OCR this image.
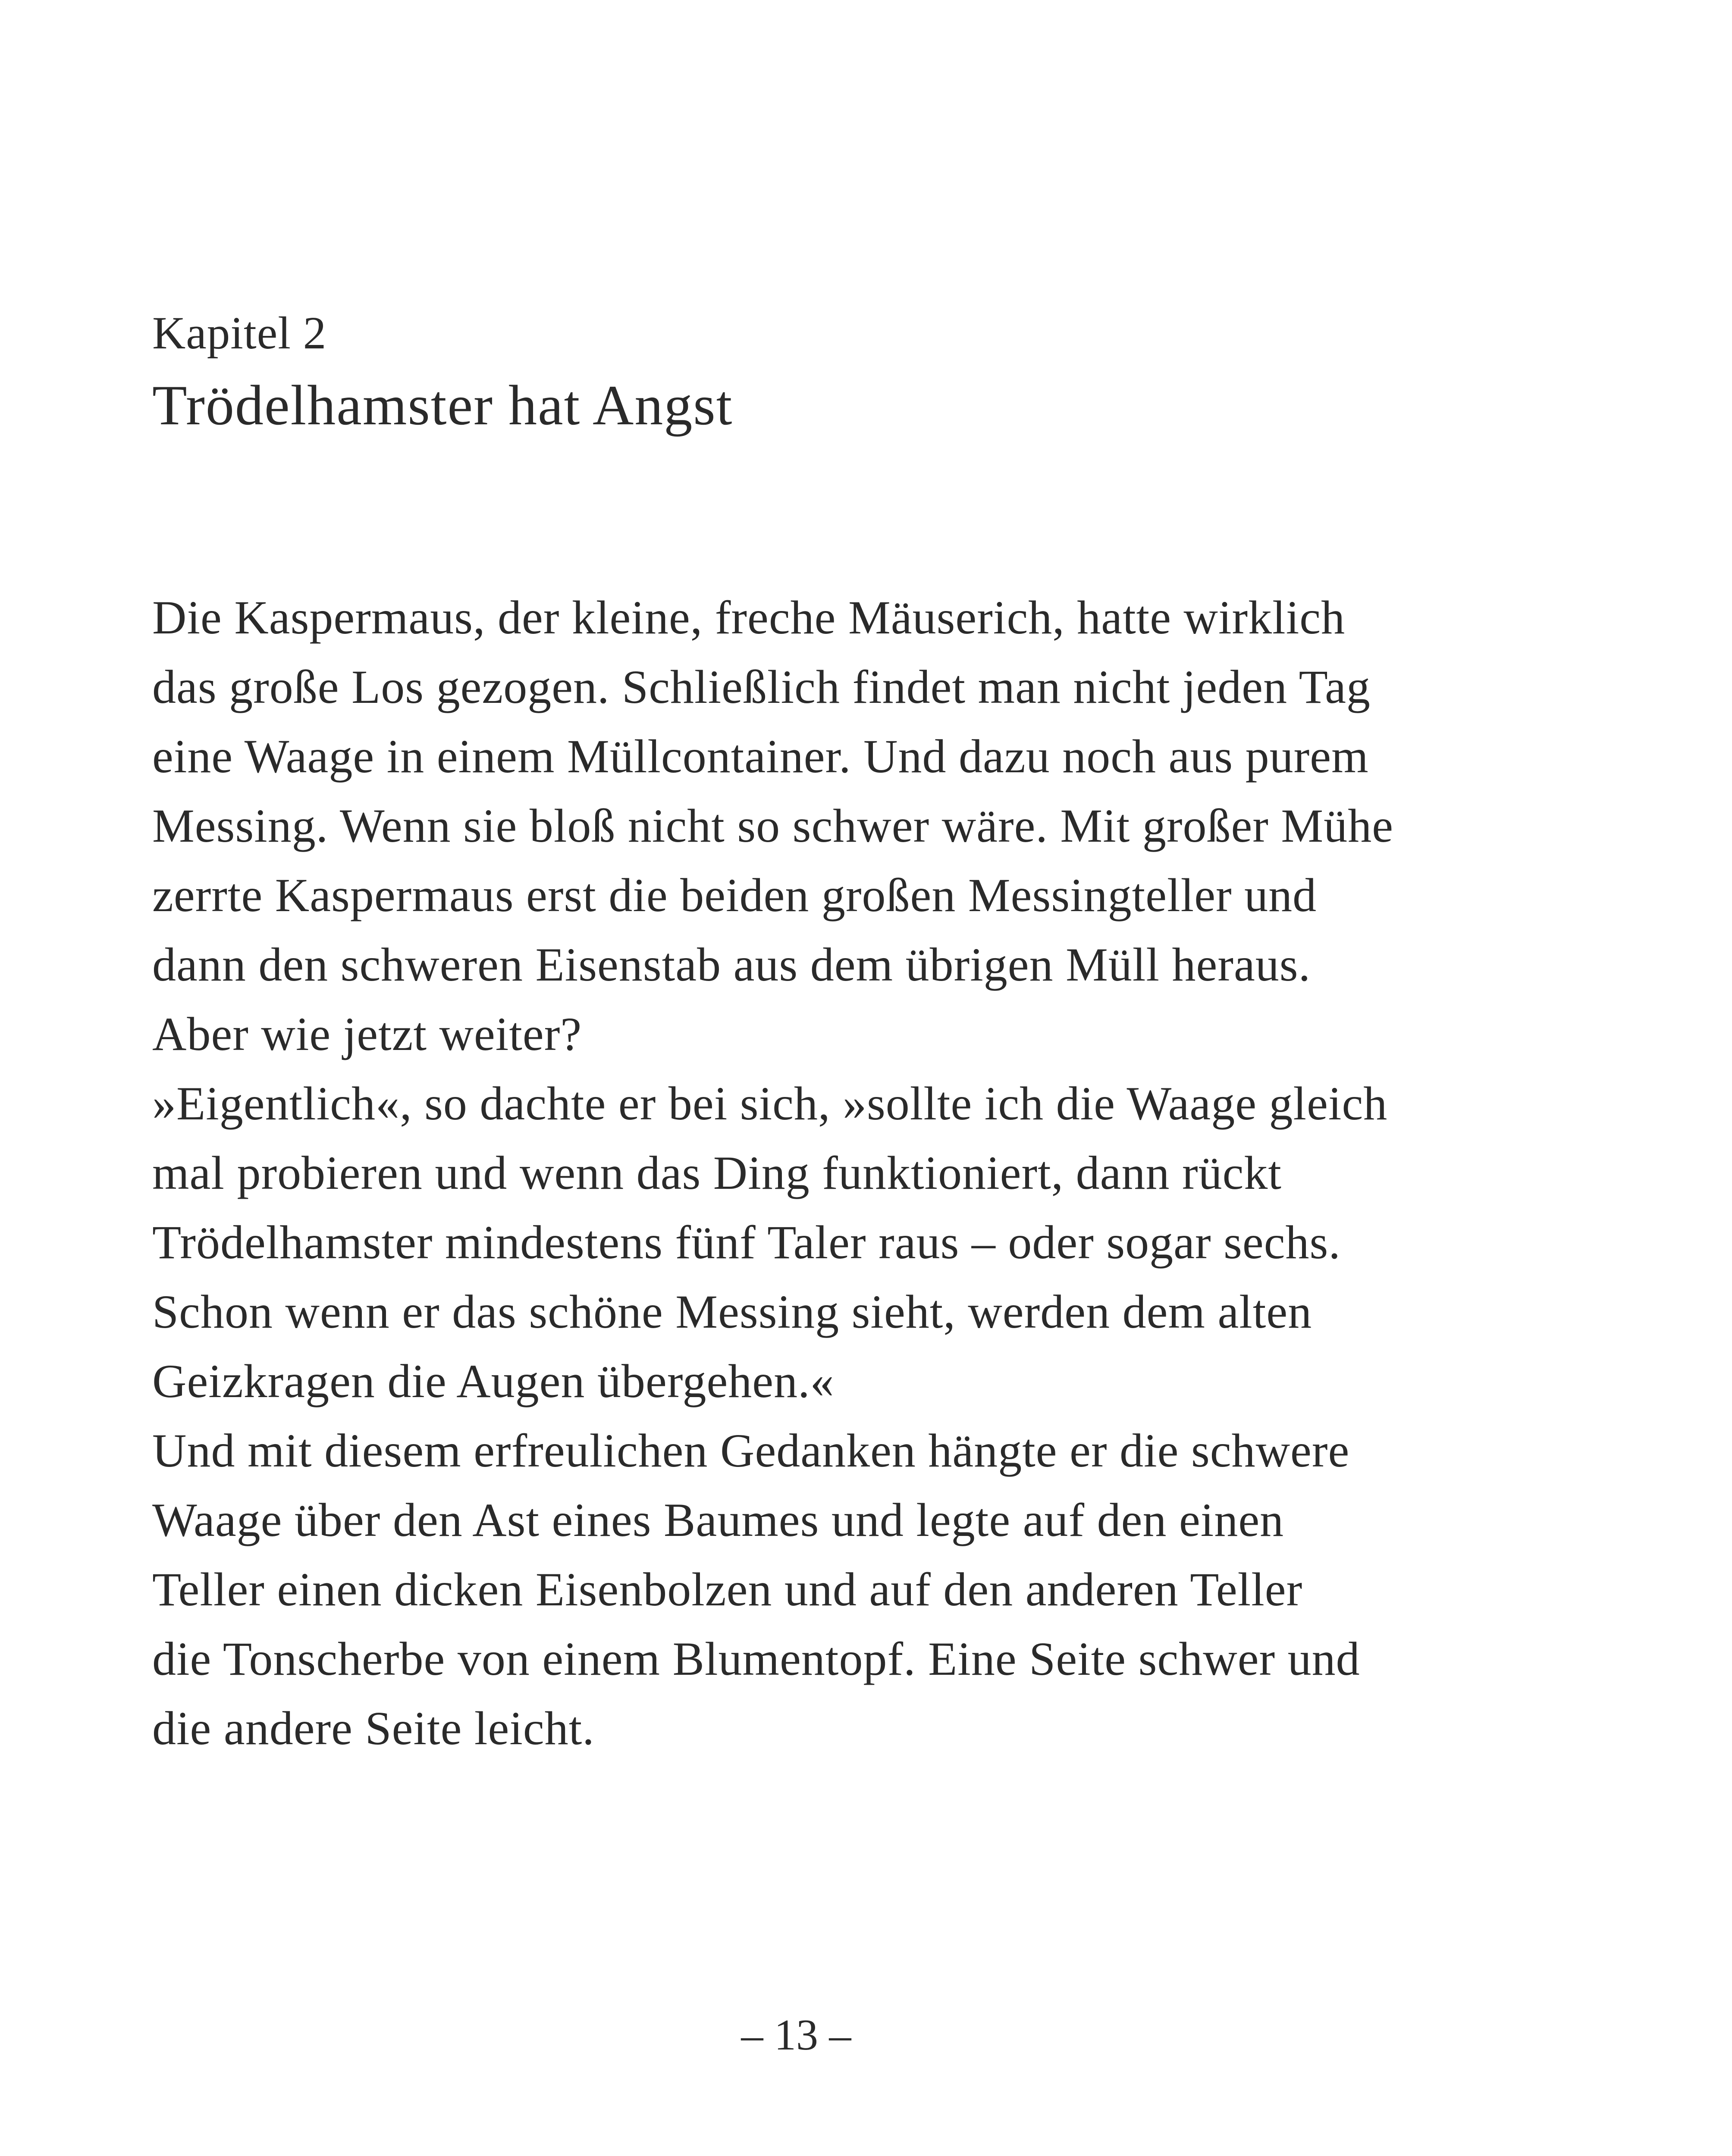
Kapitel 2
Trödelhamster hat Angst
Die Kaspermaus, der kleine, freche Mäuserich, hatte wirklich
das große Los gezogen. Schließlich findet man nicht jeden Tag
eine Waage in einem Müllcontainer. Und dazu noch aus purem
Messing. Wenn sie bloß nicht so schwer wäre. Mit großer Mühe
zerrte Kaspermaus erst die beiden großen Messingteller und
dann den schweren Eisenstab aus dem übrigen Müll heraus.
Aber wie jetzt weiter?
»Eigentlich«, so dachte er bei sich, »sollte ich die Waage gleich
mal probieren und wenn das Ding funktioniert, dann rückt
Trödelhamster mindestens fünf Taler raus – oder sogar sechs.
Schon wenn er das schöne Messing sieht, werden dem alten
Geizkragen die Augen übergehen.«
Und mit diesem erfreulichen Gedanken hängte er die schwere
Waage über den Ast eines Baumes und legte auf den einen
Teller einen dicken Eisenbolzen und auf den anderen Teller
die Tonscherbe von einem Blumentopf. Eine Seite schwer und
die andere Seite leicht.
– 13 –
